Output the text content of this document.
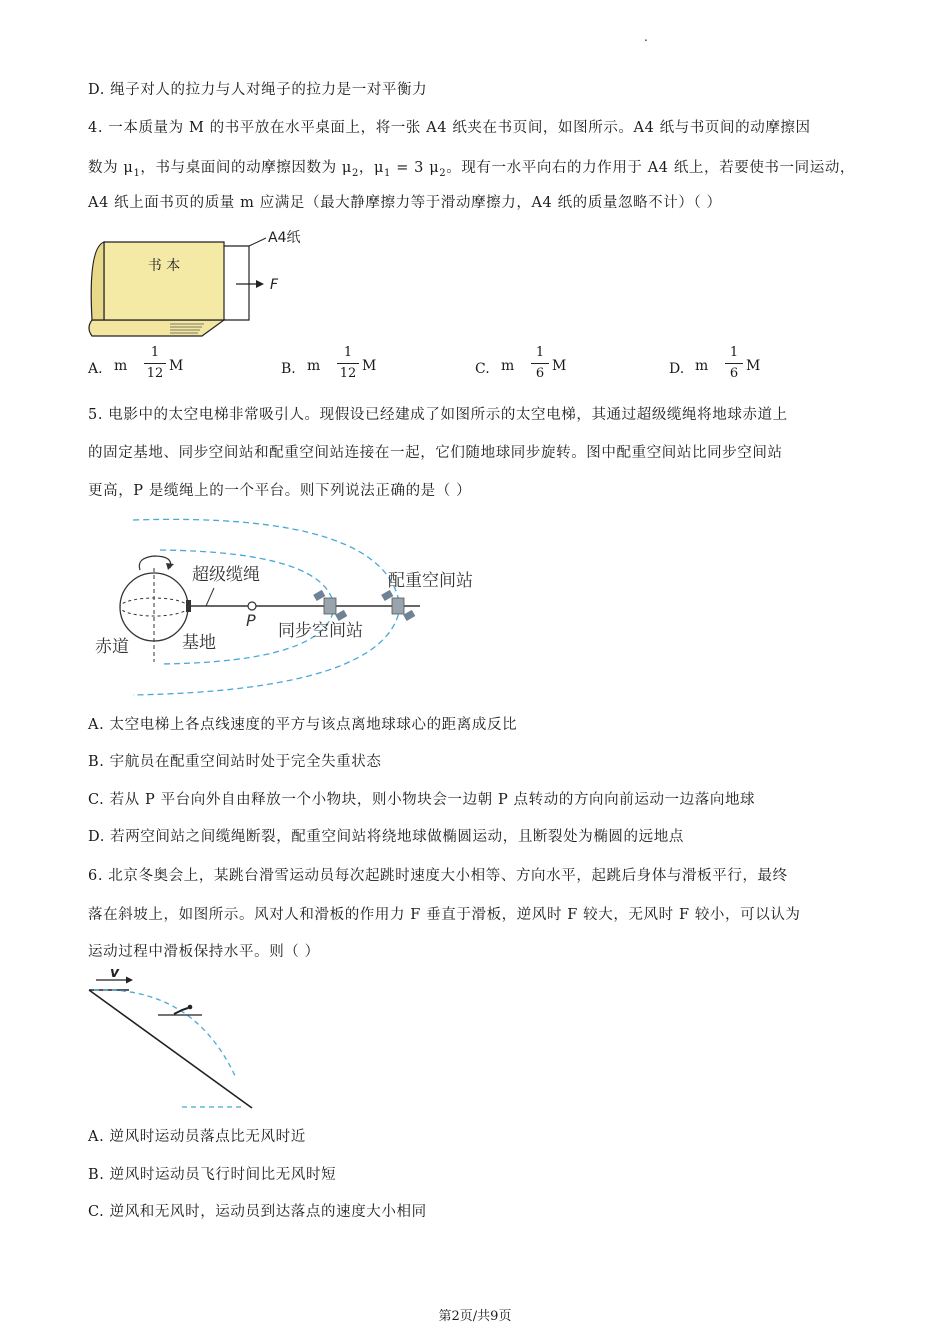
.
D. 绳子对人的拉力与人对绳子的拉力是一对平衡力
4. 一本质量为 M 的书平放在水平桌面上，将一张 A4 纸夹在书页间，如图所示。A4 纸与书页间的动摩擦因
数为 $\mu_1$，书与桌面间的动摩擦因数为 $\mu_2$，$\mu_1 = 3$ $\mu_2$。现有一水平向右的力作用于 A4 纸上，若要使书一同运动，
A4 纸上面书页的质量 m 应满足（最大静摩擦力等于滑动摩擦力，A4 纸的质量忽略不计）（ ）
书 本
A4纸
F
A. m
1
12 M	B. m
1
12 M	C. m
1
6 M	D. m
1
6 M
5. 电影中的太空电梯非常吸引人。现假设已经建成了如图所示的太空电梯，其通过超级缆绳将地球赤道上
的固定基地、同步空间站和配重空间站连接在一起，它们随地球同步旋转。图中配重空间站比同步空间站
更高，P 是缆绳上的一个平台。则下列说法正确的是（ ）
超级缆绳	配重空间站
同步空间站
赤道	基地
P
A. 太空电梯上各点线速度的平方与该点离地球球心的距离成反比
B. 宇航员在配重空间站时处于完全失重状态
C. 若从 P 平台向外自由释放一个小物块，则小物块会一边朝 P 点转动的方向向前运动一边落向地球
D. 若两空间站之间缆绳断裂，配重空间站将绕地球做椭圆运动，且断裂处为椭圆的远地点
6. 北京冬奥会上，某跳台滑雪运动员每次起跳时速度大小相等、方向水平，起跳后身体与滑板平行，最终
落在斜坡上，如图所示。风对人和滑板的作用力 F 垂直于滑板，逆风时 F 较大，无风时 F 较小，可以认为
运动过程中滑板保持水平。则（ ）
v
A. 逆风时运动员落点比无风时近
B. 逆风时运动员飞行时间比无风时短
C. 逆风和无风时，运动员到达落点的速度大小相同
第2页/共9页
